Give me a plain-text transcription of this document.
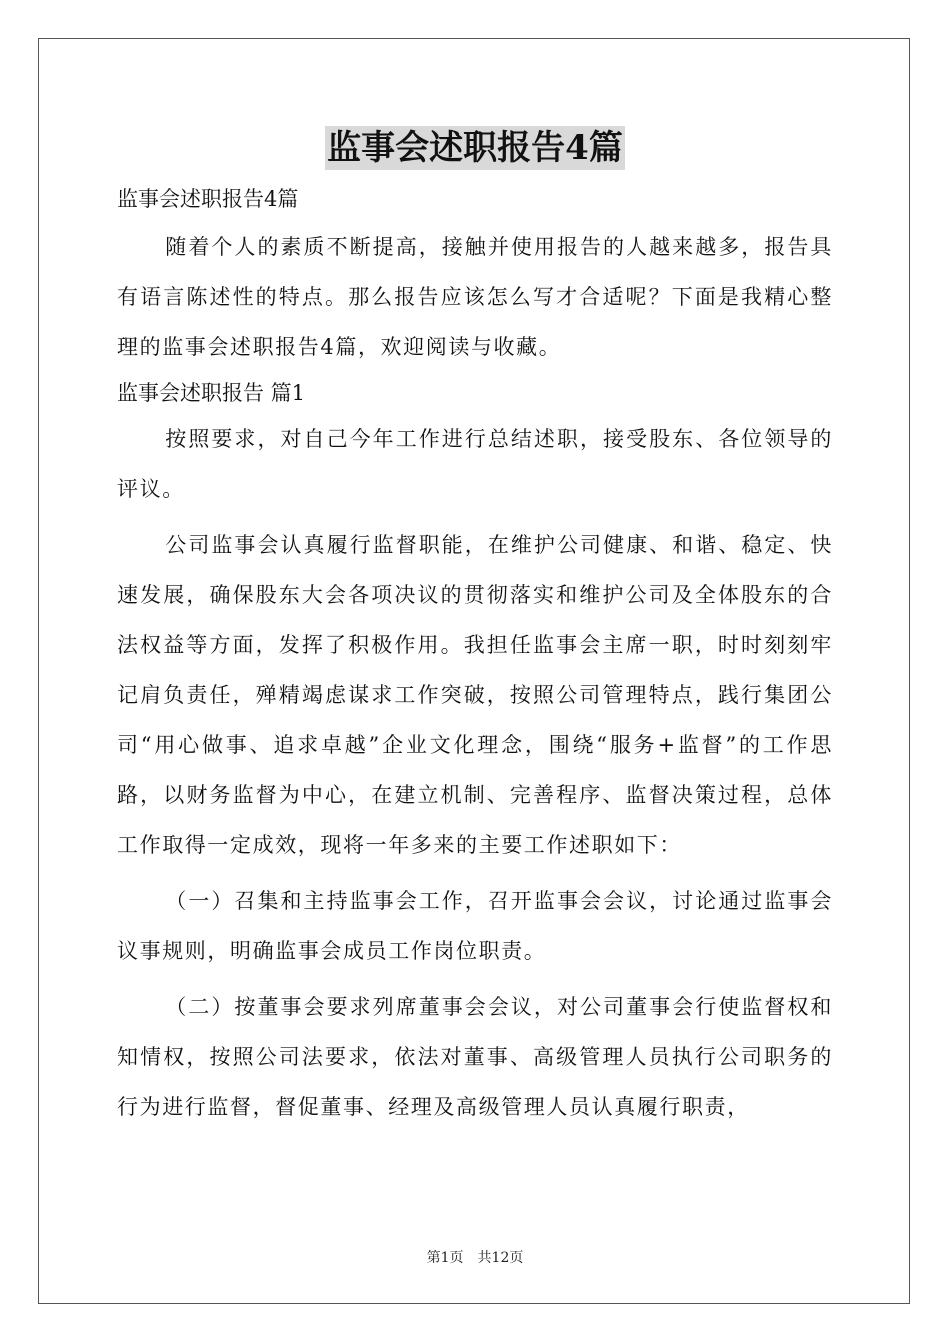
监事会述职报告4篇

监事会述职报告4篇

随着个人的素质不断提高，接触并使用报告的人越来越多，报告具有语言陈述性的特点。那么报告应该怎么写才合适呢？下面是我精心整理的监事会述职报告4篇，欢迎阅读与收藏。

监事会述职报告 篇1

按照要求，对自己今年工作进行总结述职，接受股东、各位领导的评议。

公司监事会认真履行监督职能，在维护公司健康、和谐、稳定、快速发展，确保股东大会各项决议的贯彻落实和维护公司及全体股东的合法权益等方面，发挥了积极作用。我担任监事会主席一职，时时刻刻牢记肩负责任，殚精竭虑谋求工作突破，按照公司管理特点，践行集团公司“用心做事、追求卓越”企业文化理念，围绕“服务+监督”的工作思路，以财务监督为中心，在建立机制、完善程序、监督决策过程，总体工作取得一定成效，现将一年多来的主要工作述职如下：

（一）召集和主持监事会工作，召开监事会会议，讨论通过监事会议事规则，明确监事会成员工作岗位职责。

（二）按董事会要求列席董事会会议，对公司董事会行使监督权和知情权，按照公司法要求，依法对董事、高级管理人员执行公司职务的行为进行监督，督促董事、经理及高级管理人员认真履行职责，

第1页 共12页
